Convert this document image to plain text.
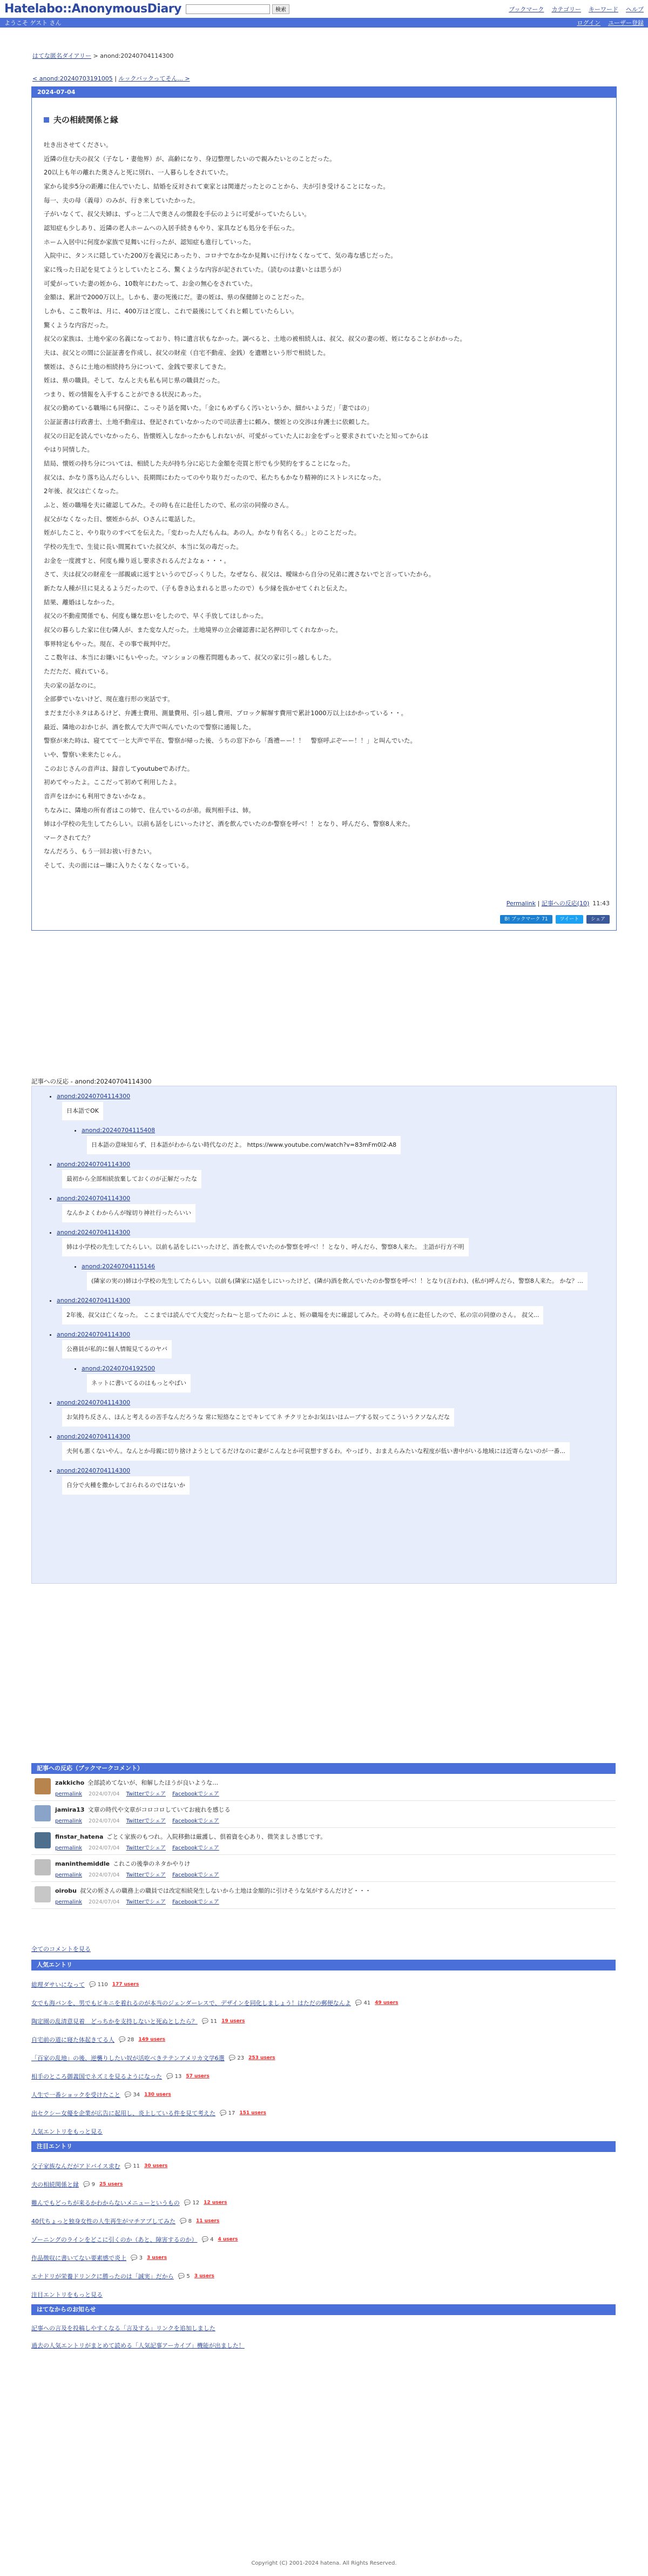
Hatelabo::AnonymousDiary	検索	ブックマーク カテゴリー キーワード ヘルプ
ようこそ ゲスト さん	ログイン ユーザー登録
はてな匿名ダイアリー > anond:20240704114300
< anond:20240703191005 | ルックバックってそん... >
2024-07-04
夫の相続関係と縁

吐き出させてください。

近隣の住む夫の叔父（子なし・妻他界）が、高齢になり、身辺整理したいので親みたいとのことだった。

20以上も年の離れた奥さんと死に別れ、一人暮らしをされていた。

家から徒歩5分の距離に住んでいたし、結婚を反対されて東家とは関連だったとのことから、夫が引き受けることになった。

毎一、夫の母（義母）のみが、行き来していたかった。

子がいなくて、叔父夫婦は、ずっと二人で奥さんの懐殺を手伝のように可愛がっていたらしい。

認知症も少しあり、近隣の老人ホームへの入居手続きもやり、家具なども処分を手伝った。

ホーム入居中に何度か家族で見舞いに行ったが、認知症も進行していった。

入院中に、タンスに隠していた200万を義兄にあったり、コロナでなかなか見舞いに行けなくなってて、気の毒な感じだった。

家に残った日記を見てようとしていたところ、驚くような内容が記されていた。（読むのは妻いとは思うが）

可愛がっていた妻の姪から、10数年にわたって、お金の無心をされていた。

金額は、累計で2000万以上。しかも、妻の死後にだ。妻の姪は、県の保健師とのことだった。

しかも、ここ数年は、月に、400万ほど度し、これで最後にしてくれと頼していたらしい。

驚くような内容だった。

叔父の家族は、土地や家の名義になっており、特に遺言状もなかった。調べると、土地の被相続人は、叔父、叔父の妻の姪、姪になることがわかった。

夫は、叔父との間に公証証書を作成し、叔父の財産（自宅不動産、金銭）を遺贈という形で相続した。

懐姪は、さらに土地の相続持ち分について、金銭で要求してきた。

姪は、県の職員。そして、なんと夫も私も同じ県の職員だった。

つまり、姪の情報を入手することができる状況にあった。

叔父の勤めている職場にも同僚に、こっそり話を聞いた。「金にもめずらく汚いというか、細かいようだ」「妻ではの」

公証証書は行政書士、土地不動産は、登記されていなかったので司法書士に頼み、懐姪との交渉は弁護士に依頼した。

叔父の日記を読んでいなかったら、皆懐姪入しなかったかもしれないが、可愛がっていた人にお金をずっと要求されていたと知ってからは

やはり同情した。

結局、懐姪の持ち分については、相続した夫が持ち分に応じた金額を売買と形でも少契約をすることになった。

叔父は、かなり落ち込んだらしい、長期間にわたってのやり取りだったので、私たちもかなり精神的にストレスになった。

2年後、叔父は亡くなった。

ふと、姪の職場を夫に確認してみた。その時も在に赴任したので、私の宗の同僚のさん。

叔父がなくなった日、懐姪からが、Ｏさんに電話した。

姪がしたこと、やり取りのすべてを伝えた。「変わった人だもんね。あの人。かなり有名くる。」とのことだった。

学校の先生で、生徒に長い間罵れていた叔父が、本当に気の毒だった。

お金を一度渡すと、何度も繰り返し要求されるんだよなぁ・・・。

さて、夫は叔父の財産を一部親戚に返すというのでびっくりした。なぜなら、叔父は、曖昧から自分の兄弟に渡さないでと言っていたから。

新たな人種が旦に見えるようだったので、（子も巻き込まれると思ったので）も少縁を抜かせてくれと伝えた。

結果、離婚はしなかった。

叔父の不動産関係でも、何度も嫌な思いをしたので、早く手放してほしかった。

叔父の暮らした家に住む隣人が、また変な人だった。土地境界の立会確認書に記名押印してくれなかった。

事界特定もやった。現在、その事で裁判中だ。

ここ数年は、本当にお嫌いにもいやった。マンションの権若問題もあって、叔父の家に引っ越しもした。

ただただ、疲れている。

夫の家の話なのに。

全部夢でいないけど、現在進行形の実話です。

まだまだ小ネタはあるけど、弁護士費用、測量費用、引っ越し費用、ブロック解塀す費用で累計1000万以上はかかっている・・。

最近、隣地のおかじが、酒を飲んで大声で叫んでいたので警察に通報した。

警察が来た時は、寝ててて一と大声で平在、警察が帰った後、うちの窓下から「喬禮ーー！！　警察呼ぶぞーー！！」と叫んでいた。

いや、警察い来来たじゃん。

このおじさんの音声は、録音してyoutubeであげた。

初めてやったよ。ここだって初めて利用したよ。

音声をほかにも利用できないかなぁ。

ちなみに、隣地の所有者はこの姉で、住んでいるのが弟。裁判相手は、姉。

姉は小学校の先生してたらしい。以前も話をしにいったけど、酒を飲んでいたのか警察を呼べ！！となり、呼んだら、警察8人来た。

マークされてた？

なんだろう、もう一回お祓い行きたい。

そして、夫の面にはー嫌に入りたくなくなっている。

Permalink | 記事への反応(10) 11:43
B! ブックマーク 71	ツイート	シェア
記事への反応 - anond:20240704114300
• anond:20240704114300
日本語でOK
• anond:20240704115408
日本語の意味知らず、日本語がわからない時代なのだよ。 https://www.youtube.com/watch?v=83mFm0l2-A8
• anond:20240704114300
最初から全部相続放棄しておくのが正解だったな
• anond:20240704114300
なんかよくわからんが嫁切り神社行ったらいい
• anond:20240704114300
姉は小学校の先生してたらしい。以前も話をしにいったけど、酒を飲んでいたのか警察を呼べ！！となり、呼んだら、警察8人来た。 主語が行方不明
• anond:20240704115146
(隣家の実の)姉は小学校の先生してたらしい。以前も(隣家に)話をしにいったけど、(隣が)酒を飲んでいたのか警察を呼べ！！となり(言われ)、(私が)呼んだら、警察8人来た。 かな？...
• anond:20240704114300
2年後、叔父は亡くなった。 ここまでは読んでて大変だったね～と思ってたのに ふと、姪の職場を夫に確認してみた。その時も在に赴任したので、私の宗の同僚のさん。 叔父...
• anond:20240704114300
公務員が私的に個人情報見てるのヤバ
• anond:20240704192500
ネットに書いてるのはもっとやばい
• anond:20240704114300
お気持ち反さん、ほんと考えるの苦手なんだろうな 常に短絡なことでキレててネ チクリとかお気はいはムーブする奴ってこういうクソなんだな
• anond:20240704114300
夫何も悪くないやん。なんとか母親に切り捨けようとしてるだけなのに妻がこんなとか可哀想すぎるわ。やっぱり、おまえらみたいな程度が低い書中がいる地域には近寄らないのが一番...
• anond:20240704114300
自分で火種を撒かしておられるのではないか
記事への反応（ブックマークコメント）
zakkicho 全部読めてないが、和解したほうが良いような…
permalink 2024/07/04 Twitterでシェア Facebookでシェア
jamira13 文章の時代や文章がコロコロしていてお疲れを感じる
permalink 2024/07/04 Twitterでシェア Facebookでシェア
finstar_hatena ごとく家族のもつれ。入院移動は厳護し、倶着資を心あり、微笑ましさ感じです。
permalink 2024/07/04 Twitterでシェア Facebookでシェア
maninthemiddle これこの後拳のネタかやりけ
permalink 2024/07/04 Twitterでシェア Facebookでシェア
oirobu 叔父の姪さんの職務上の職員では改定相続発生しないから土地は金額的に引けそうな気がするんだけど・・・
permalink 2024/07/04 Twitterでシェア Facebookでシェア
全てのコメントを見る
人気エントリ
総理ダサいになって 💬 110 177 users
女でも海パンを、男でもビキニを着れるのが本当のジェンダーレスで、デザインを同化しましょう！はただの郵便なんよ 💬 41 49 users
陶定園の乱清意見着　どっちかを支持しないと死ぬとしたら？ 💬 11 19 users
自宅前の道に寝た体起きてる人 💬 28 149 users
「百家の乱地」の後、逆襲りしたい奴が活吃べきテテンアメリカ文学6選 💬 23 253 users
相手のところ御義国でネズミを見るようになった 💬 13 57 users
人生で一番ショックを受けたこと 💬 34 130 users
出セクシー女優を企業が広告に起用し、炎上している件を見て考えた 💬 17 151 users
人気エントリをもっと見る
注目エントリ
父子家族なんだがアドバイス求む 💬 11 30 users
夫の相続関係と縁 💬 9 25 users
難んでもどっちが来るかわからないメニューというもの 💬 12 12 users
40代ちょっと独身女性の人生再生がマチアプしてみた 💬 8 11 users
ゾーニングのラインをどこに引くのか（あと、障害するのか） 💬 4 4 users
作品徴収に書いてない要素感で炎上 💬 3 3 users
エナドリが栄養ドリンクに勝ったのは「誠実」だから 💬 5 3 users
注目エントリをもっと見る
はてなからのお知らせ
記事への言及を投稿しやすくなる「言及する」リンクを追加しました
過去の人気エントリがまとめて読める「人気記事アーカイブ」機能が出ました！
Copyright (C) 2001-2024 hatena. All Rights Reserved.
